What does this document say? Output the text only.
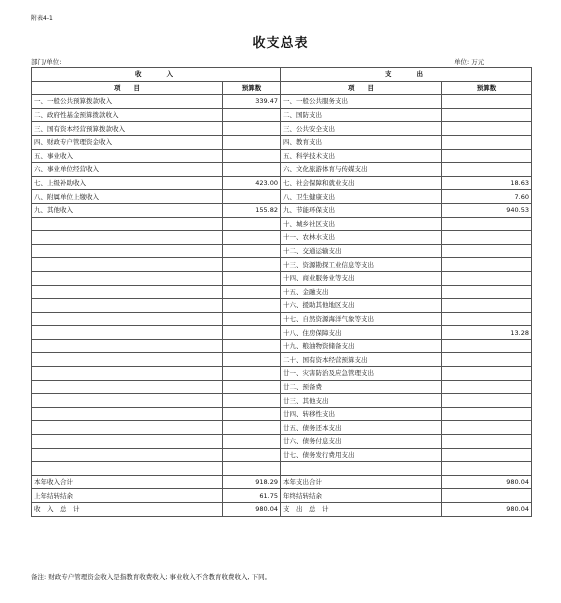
附表4-1
收支总表
部门/单位:	单位: 万元
收　　入		支　　出	
项　　目	预算数	项　　目	预算数
一、一般公共预算拨款收入	339.47	一、一般公共服务支出	
二、政府性基金预算拨款收入		二、国防支出	
三、国有资本经营预算拨款收入		三、公共安全支出	
四、财政专户管理资金收入		四、教育支出	
五、事业收入		五、科学技术支出	
六、事业单位经营收入		六、文化旅游体育与传媒支出	
七、上级补助收入	423.00	七、社会保障和就业支出	18.63
八、附属单位上缴收入		八、卫生健康支出	7.60
九、其他收入	155.82	九、节能环保支出	940.53
		十、城乡社区支出	
		十一、农林水支出	
		十二、交通运输支出	
		十三、资源勘探工业信息等支出	
		十四、商业服务业等支出	
		十五、金融支出	
		十六、援助其他地区支出	
		十七、自然资源海洋气象等支出	
		十八、住房保障支出	13.28
		十九、粮油物资储备支出	
		二十、国有资本经营预算支出	
		廿一、灾害防治及应急管理支出	
		廿二、预备费	
		廿三、其他支出	
		廿四、转移性支出	
		廿五、债务还本支出	
		廿六、债务付息支出	
		廿七、债务发行费用支出	

本年收入合计	918.29	本年支出合计	980.04
上年结转结余	61.75	年终结转结余	
收　入　总　计	980.04	支　出　总　计	980.04
备注: 财政专户管理资金收入是指教育收费收入; 事业收入不含教育收费收入, 下同。
